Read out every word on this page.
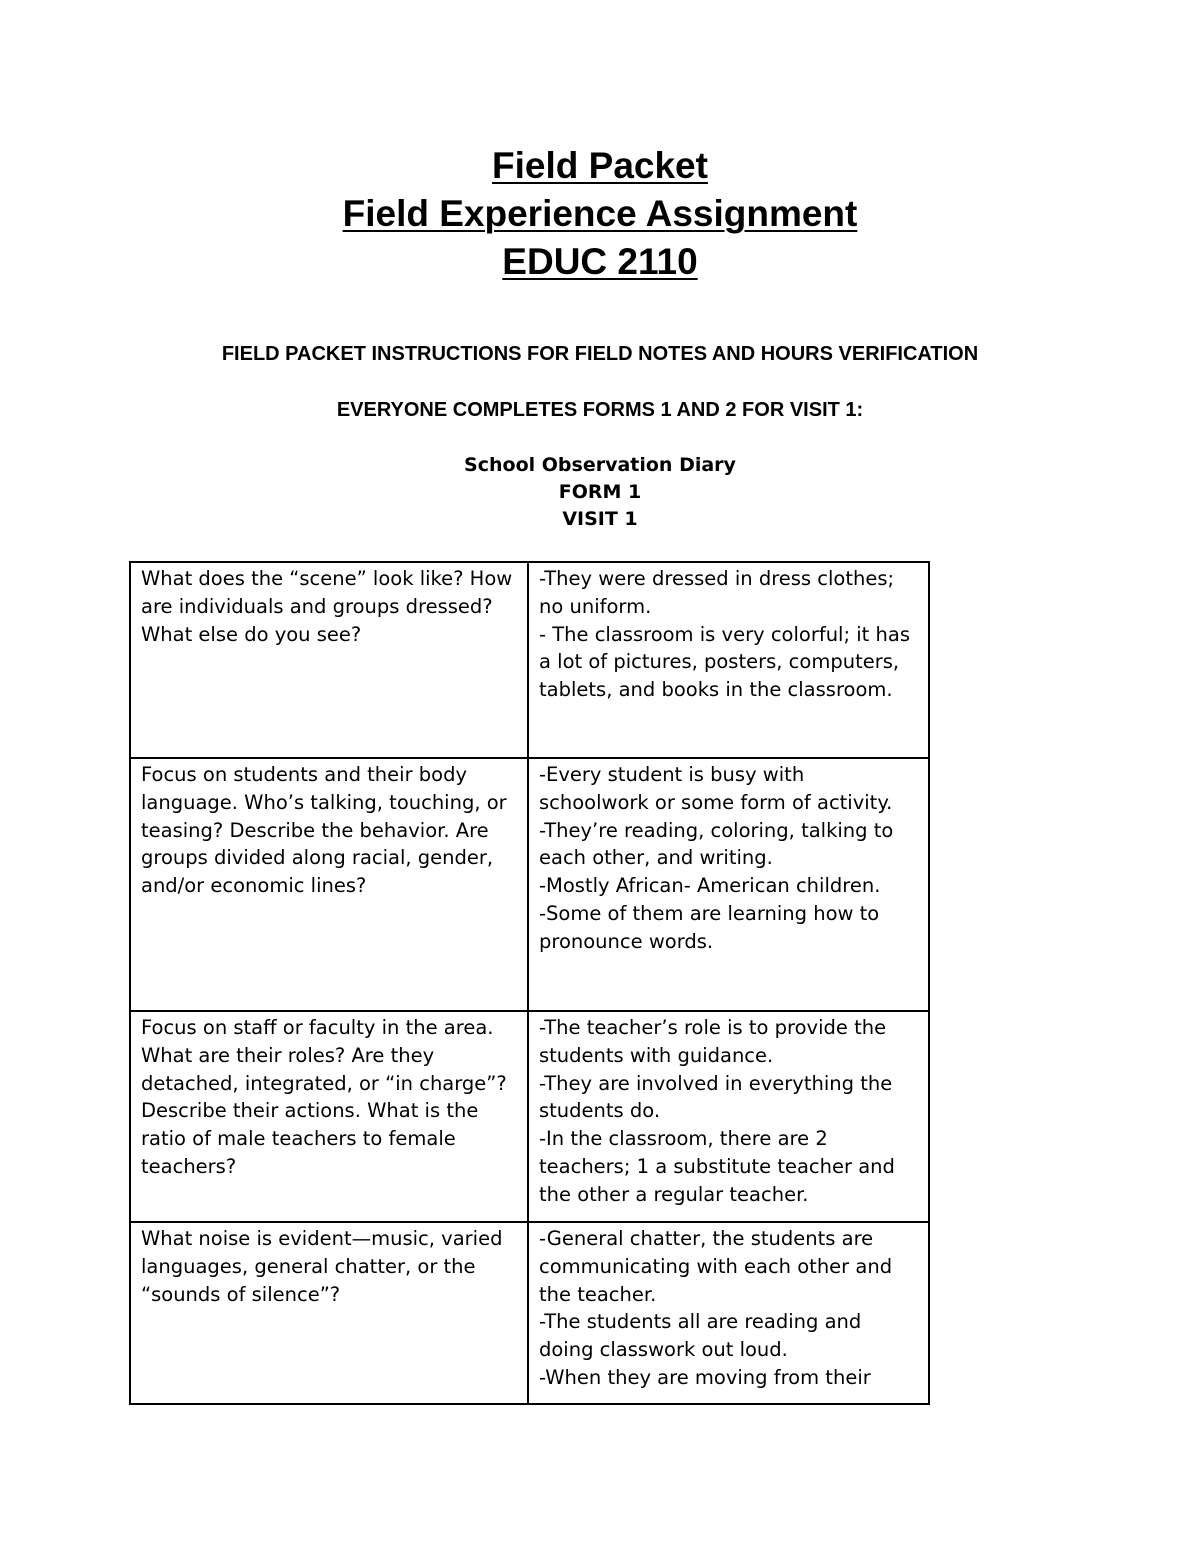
Field Packet
Field Experience Assignment
EDUC 2110
FIELD PACKET INSTRUCTIONS FOR FIELD NOTES AND HOURS VERIFICATION
EVERYONE COMPLETES FORMS 1 AND 2 FOR VISIT 1:
School Observation Diary
FORM 1
VISIT 1
What does the “scene” look like? How are individuals and groups dressed? What else do you see?	-They were dressed in dress clothes; no uniform.
- The classroom is very colorful; it has a lot of pictures, posters, computers, tablets, and books in the classroom.
Focus on students and their body language. Who’s talking, touching, or teasing? Describe the behavior. Are groups divided along racial, gender, and/or economic lines?	-Every student is busy with schoolwork or some form of activity.
-They’re reading, coloring, talking to each other, and writing.
-Mostly African- American children.
-Some of them are learning how to pronounce words.
Focus on staff or faculty in the area. What are their roles? Are they detached, integrated, or “in charge”? Describe their actions. What is the ratio of male teachers to female teachers?	-The teacher’s role is to provide the students with guidance.
-They are involved in everything the students do.
-In the classroom, there are 2 teachers; 1 a substitute teacher and the other a regular teacher.
What noise is evident—music, varied languages, general chatter, or the “sounds of silence”?	-General chatter, the students are communicating with each other and the teacher.
-The students all are reading and doing classwork out loud.
-When they are moving from their
